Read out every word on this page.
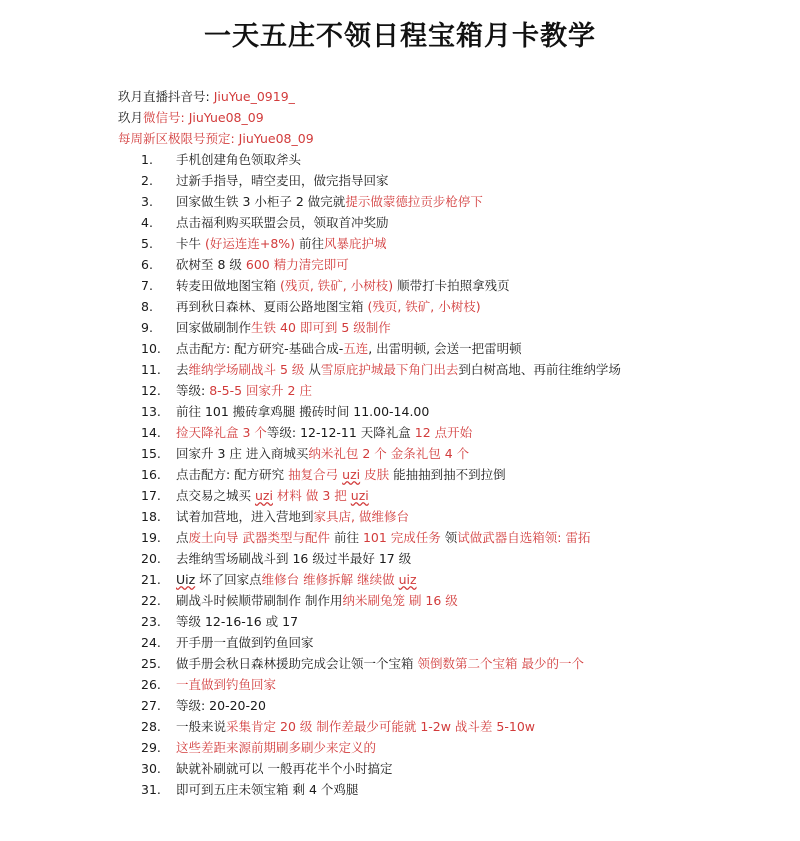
一天五庄不领日程宝箱月卡教学
玖月直播抖音号: JiuYue_0919_
玖月微信号: JiuYue08_09
每周新区极限号预定: JiuYue08_09
1.	手机创建角色领取斧头
2.	过新手指导，晴空麦田，做完指导回家
3.	回家做生铁 3 小柜子 2 做完就提示做蒙德拉贡步枪停下
4.	点击福利购买联盟会员，领取首冲奖励
5.	卡牛 (好运连连+8%) 前往风暴庇护城
6.	砍树至 8 级 600 精力清完即可
7.	转麦田做地图宝箱 (残页, 铁矿, 小树枝) 顺带打卡拍照拿残页
8.	再到秋日森林、夏雨公路地图宝箱 (残页, 铁矿, 小树枝)
9.	回家做刷制作生铁 40 即可到 5 级制作
10.	点击配方: 配方研究-基础合成-五连, 出雷明顿, 会送一把雷明顿
11.	去维纳学场刷战斗 5 级 从雪原庇护城最下角门出去到白树高地、再前往维纳学场
12.	等级: 8-5-5 回家升 2 庄
13.	前往 101 搬砖拿鸡腿 搬砖时间 11.00-14.00
14.	捡天降礼盒 3 个等级: 12-12-11 天降礼盒 12 点开始
15.	回家升 3 庄 进入商城买纳米礼包 2 个 金条礼包 4 个
16.	点击配方: 配方研究 抽复合弓 uzi 皮肤 能抽抽到抽不到拉倒
17.	点交易之城买 uzi 材料 做 3 把 uzi
18.	试着加营地，进入营地到家具店, 做维修台
19.	点废土向导 武器类型与配件 前往 101 完成任务 领试做武器自选箱领: 雷拓
20.	去维纳雪场刷战斗到 16 级过半最好 17 级
21.	Uiz 坏了回家点维修台 维修拆解 继续做 uiz
22.	刷战斗时候顺带刷制作 制作用纳米刷兔笼 刷 16 级
23.	等级 12-16-16 或 17
24.	开手册一直做到钓鱼回家
25.	做手册会秋日森林援助完成会让领一个宝箱 领倒数第二个宝箱 最少的一个
26.	一直做到钓鱼回家
27.	等级: 20-20-20
28.	一般来说采集肯定 20 级 制作差最少可能就 1-2w 战斗差 5-10w
29.	这些差距来源前期刷多刷少来定义的
30.	缺就补刷就可以 一般再花半个小时搞定
31.	即可到五庄未领宝箱 剩 4 个鸡腿
